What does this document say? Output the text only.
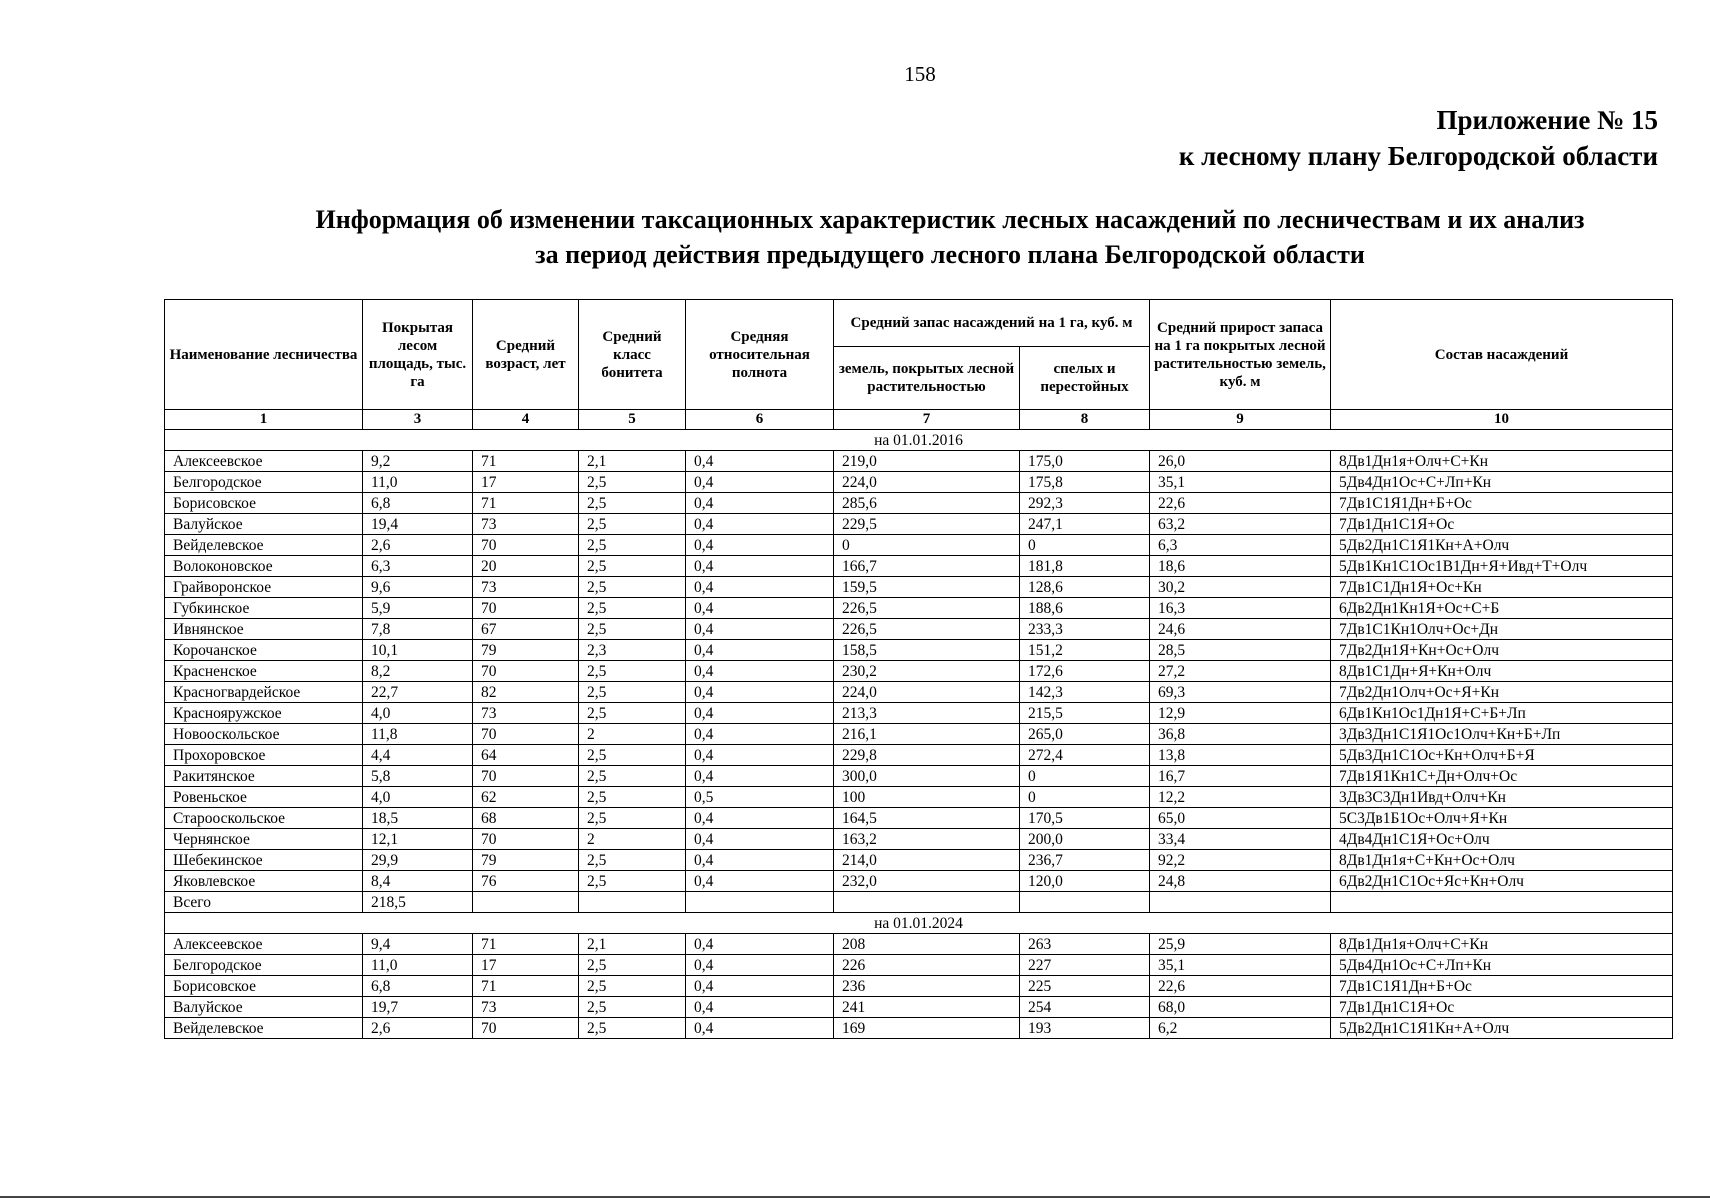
158
Приложение № 15
к лесному плану Белгородской области
Информация об изменении таксационных характеристик лесных насаждений по лесничествам и их анализ
за период действия предыдущего лесного плана Белгородской области
Наименование лесничества	Покрытая лесом площадь, тыс. га	Средний возраст, лет	Средний класс бонитета	Средняя относительная полнота	Средний запас насаждений на 1 га, куб. м		Средний прирост запаса на 1 га покрытых лесной растительностью земель, куб. м	Состав насаждений
					земель, покрытых лесной растительностью	спелых и перестойных		
1	3	4	5	6	7	8	9	10
на 01.01.2016								
Алексеевское	9,2	71	2,1	0,4	219,0	175,0	26,0	8Дв1Дн1я+Олч+С+Кн
Белгородское	11,0	17	2,5	0,4	224,0	175,8	35,1	5Дв4Дн1Ос+С+Лп+Кн
Борисовское	6,8	71	2,5	0,4	285,6	292,3	22,6	7Дв1С1Я1Дн+Б+Ос
Валуйское	19,4	73	2,5	0,4	229,5	247,1	63,2	7Дв1Дн1С1Я+Ос
Вейделевское	2,6	70	2,5	0,4	0	0	6,3	5Дв2Дн1С1Я1Кн+А+Олч
Волоконовское	6,3	20	2,5	0,4	166,7	181,8	18,6	5Дв1Кн1С1Ос1В1Дн+Я+Ивд+Т+Олч
Грайворонское	9,6	73	2,5	0,4	159,5	128,6	30,2	7Дв1С1Дн1Я+Ос+Кн
Губкинское	5,9	70	2,5	0,4	226,5	188,6	16,3	6Дв2Дн1Кн1Я+Ос+С+Б
Ивнянское	7,8	67	2,5	0,4	226,5	233,3	24,6	7Дв1С1Кн1Олч+Ос+Дн
Корочанское	10,1	79	2,3	0,4	158,5	151,2	28,5	7Дв2Дн1Я+Кн+Ос+Олч
Красненское	8,2	70	2,5	0,4	230,2	172,6	27,2	8Дв1С1Дн+Я+Кн+Олч
Красногвардейское	22,7	82	2,5	0,4	224,0	142,3	69,3	7Дв2Дн1Олч+Ос+Я+Кн
Краснояружское	4,0	73	2,5	0,4	213,3	215,5	12,9	6Дв1Кн1Ос1Дн1Я+С+Б+Лп
Новооскольское	11,8	70	2	0,4	216,1	265,0	36,8	3Дв3Дн1С1Я1Ос1Олч+Кн+Б+Лп
Прохоровское	4,4	64	2,5	0,4	229,8	272,4	13,8	5Дв3Дн1С1Ос+Кн+Олч+Б+Я
Ракитянское	5,8	70	2,5	0,4	300,0	0	16,7	7Дв1Я1Кн1С+Дн+Олч+Ос
Ровеньское	4,0	62	2,5	0,5	100	0	12,2	3Дв3С3Дн1Ивд+Олч+Кн
Старооскольское	18,5	68	2,5	0,4	164,5	170,5	65,0	5С3Дв1Б1Ос+Олч+Я+Кн
Чернянское	12,1	70	2	0,4	163,2	200,0	33,4	4Дв4Дн1С1Я+Ос+Олч
Шебекинское	29,9	79	2,5	0,4	214,0	236,7	92,2	8Дв1Дн1я+С+Кн+Ос+Олч
Яковлевское	8,4	76	2,5	0,4	232,0	120,0	24,8	6Дв2Дн1С1Ос+Яс+Кн+Олч
Всего	218,5							
на 01.01.2024								
Алексеевское	9,4	71	2,1	0,4	208	263	25,9	8Дв1Дн1я+Олч+С+Кн
Белгородское	11,0	17	2,5	0,4	226	227	35,1	5Дв4Дн1Ос+С+Лп+Кн
Борисовское	6,8	71	2,5	0,4	236	225	22,6	7Дв1С1Я1Дн+Б+Ос
Валуйское	19,7	73	2,5	0,4	241	254	68,0	7Дв1Дн1С1Я+Ос
Вейделевское	2,6	70	2,5	0,4	169	193	6,2	5Дв2Дн1С1Я1Кн+А+Олч
